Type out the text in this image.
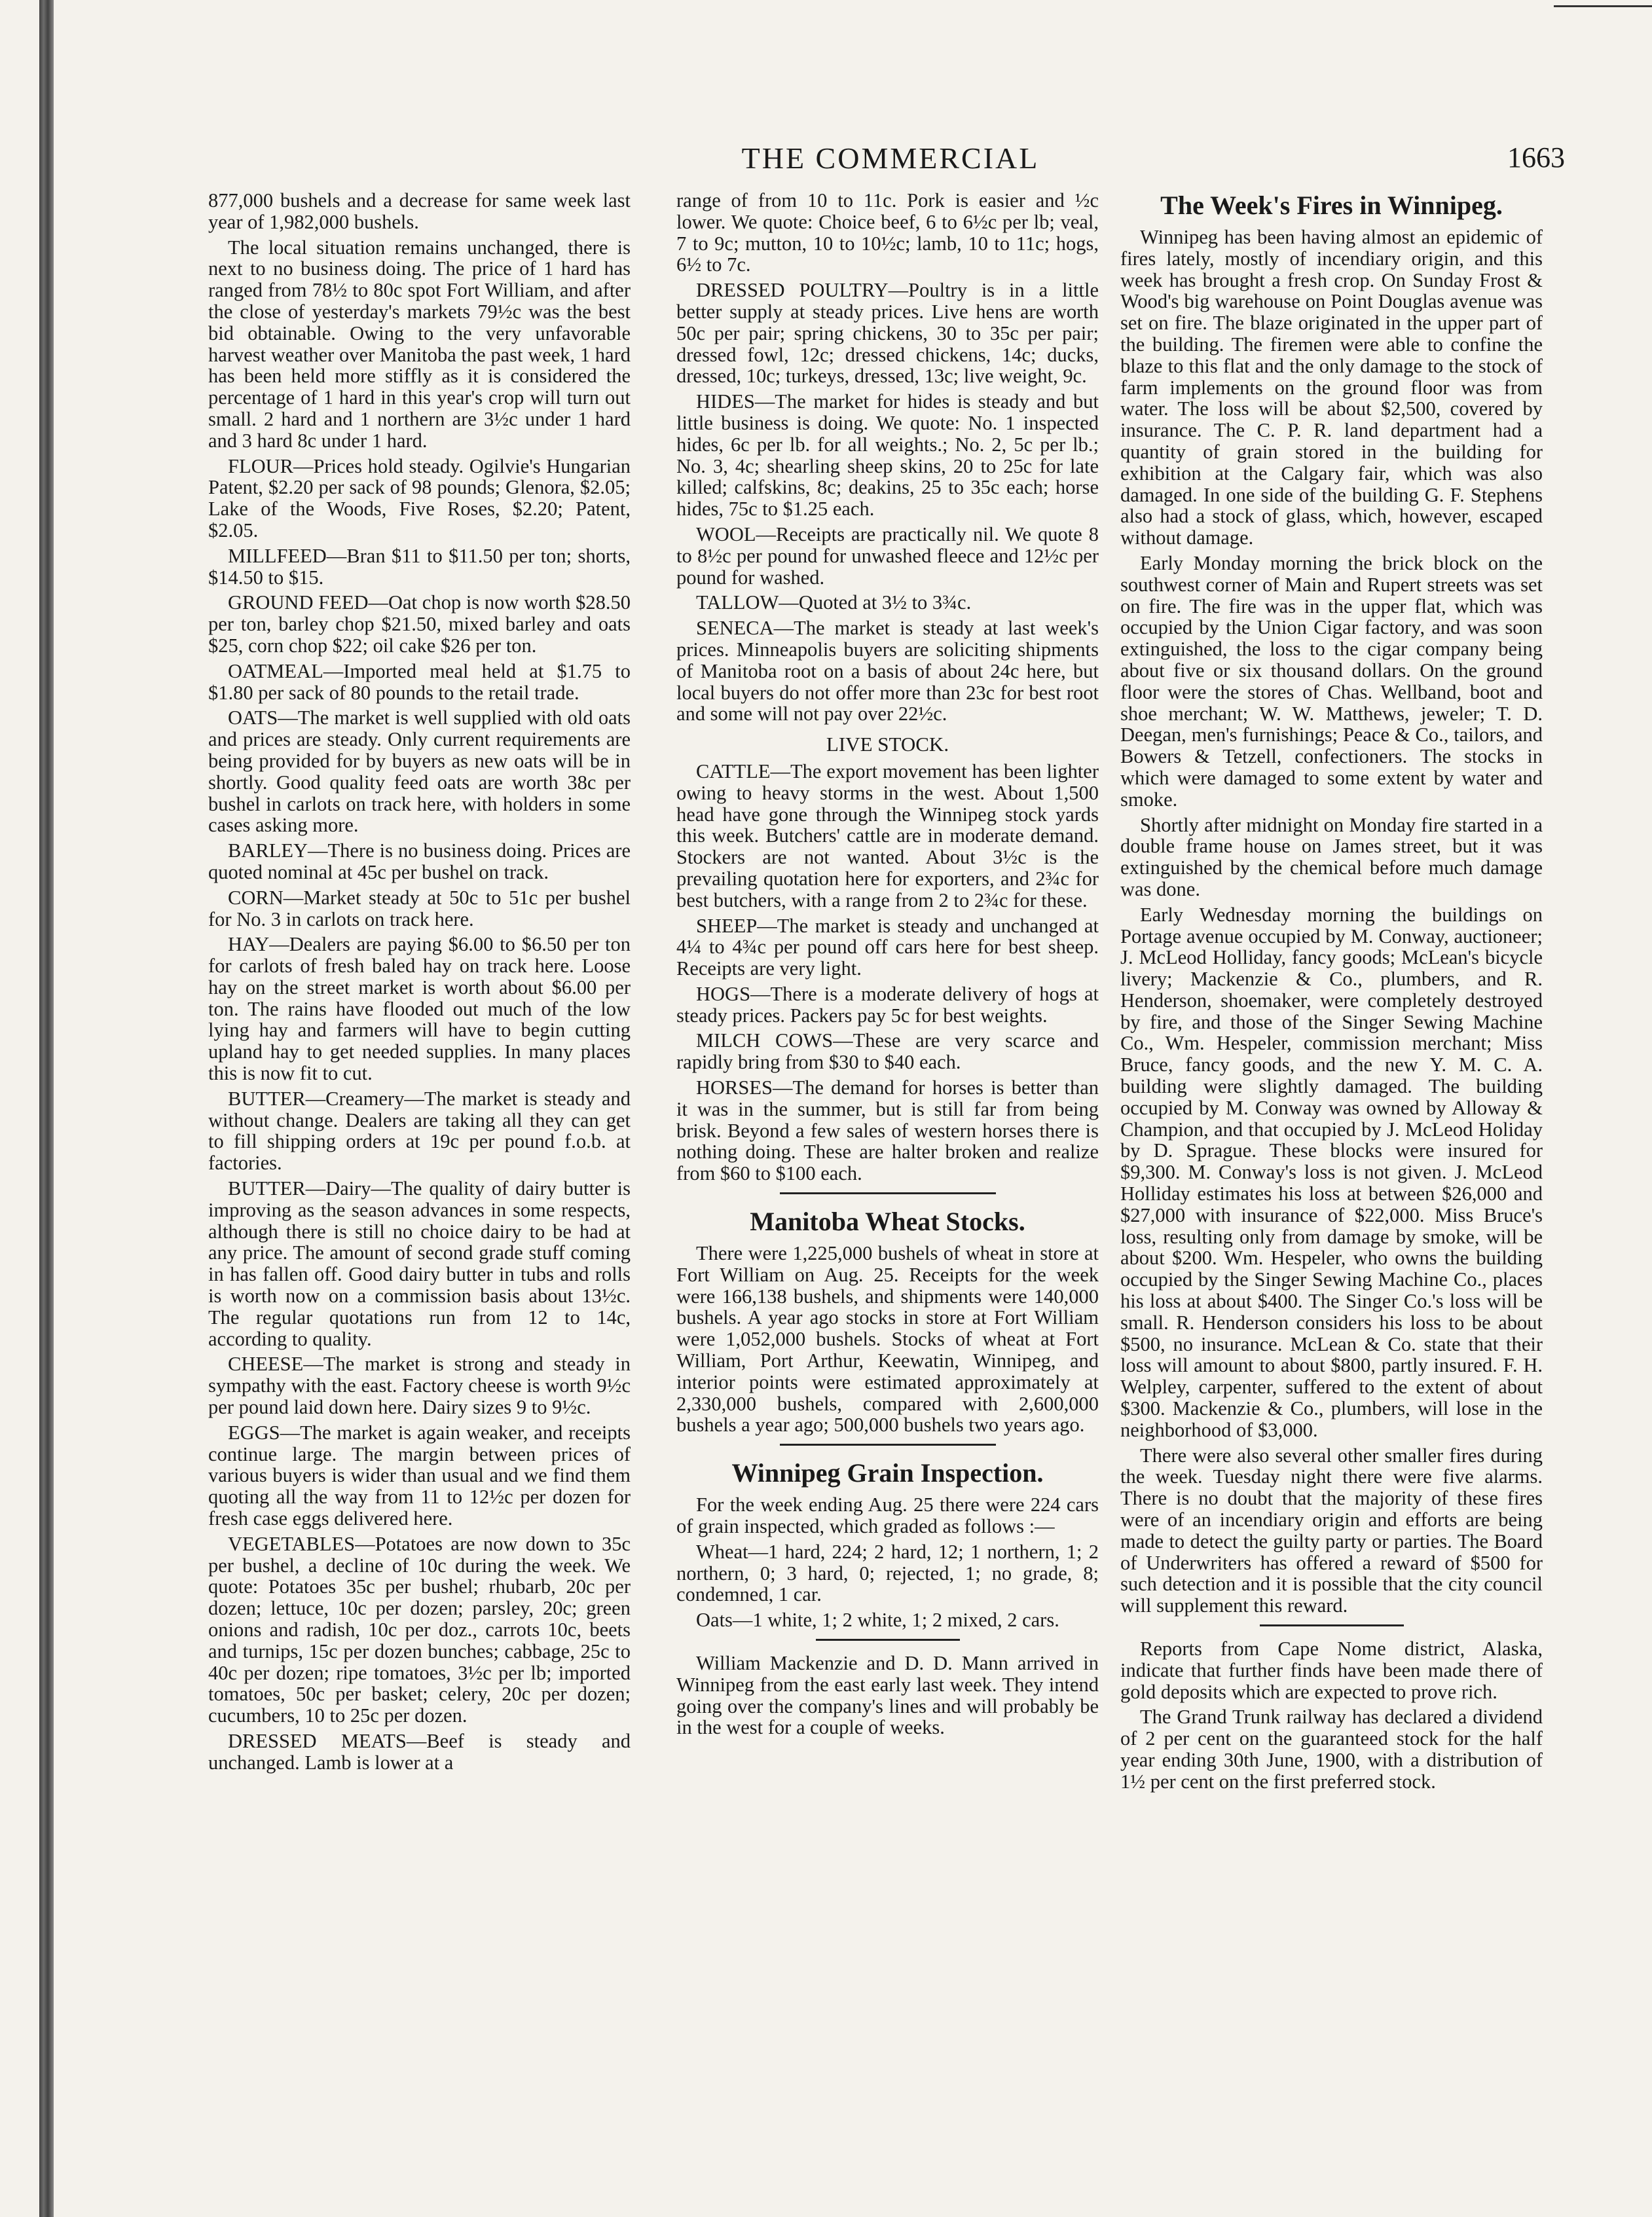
THE COMMERCIAL	1663

877,000 bushels and a decrease for same week last year of 1,982,000 bushels.

The local situation remains unchanged, there is next to no business doing. The price of 1 hard has ranged from 78½ to 80c spot Fort William, and after the close of yesterday's markets 79½c was the best bid obtainable. Owing to the very unfavorable harvest weather over Manitoba the past week, 1 hard has been held more stiffly as it is considered the percentage of 1 hard in this year's crop will turn out small. 2 hard and 1 northern are 3½c under 1 hard and 3 hard 8c under 1 hard.

FLOUR—Prices hold steady. Ogilvie's Hungarian Patent, $2.20 per sack of 98 pounds; Glenora, $2.05; Lake of the Woods, Five Roses, $2.20; Patent, $2.05.

MILLFEED—Bran $11 to $11.50 per ton; shorts, $14.50 to $15.

GROUND FEED—Oat chop is now worth $28.50 per ton, barley chop $21.50, mixed barley and oats $25, corn chop $22; oil cake $26 per ton.

OATMEAL—Imported meal held at $1.75 to $1.80 per sack of 80 pounds to the retail trade.

OATS—The market is well supplied with old oats and prices are steady. Only current requirements are being provided for by buyers as new oats will be in shortly. Good quality feed oats are worth 38c per bushel in carlots on track here, with holders in some cases asking more.

BARLEY—There is no business doing. Prices are quoted nominal at 45c per bushel on track.

CORN—Market steady at 50c to 51c per bushel for No. 3 in carlots on track here.

HAY—Dealers are paying $6.00 to $6.50 per ton for carlots of fresh baled hay on track here. Loose hay on the street market is worth about $6.00 per ton. The rains have flooded out much of the low lying hay and farmers will have to begin cutting upland hay to get needed supplies. In many places this is now fit to cut.

BUTTER—Creamery—The market is steady and without change. Dealers are taking all they can get to fill shipping orders at 19c per pound f.o.b. at factories.

BUTTER—Dairy—The quality of dairy butter is improving as the season advances in some respects, although there is still no choice dairy to be had at any price. The amount of second grade stuff coming in has fallen off. Good dairy butter in tubs and rolls is worth now on a commission basis about 13½c. The regular quotations run from 12 to 14c, according to quality.

CHEESE—The market is strong and steady in sympathy with the east. Factory cheese is worth 9½c per pound laid down here. Dairy sizes 9 to 9½c.

EGGS—The market is again weaker, and receipts continue large. The margin between prices of various buyers is wider than usual and we find them quoting all the way from 11 to 12½c per dozen for fresh case eggs delivered here.

VEGETABLES—Potatoes are now down to 35c per bushel, a decline of 10c during the week. We quote: Potatoes 35c per bushel; rhubarb, 20c per dozen; lettuce, 10c per dozen; parsley, 20c; green onions and radish, 10c per doz., carrots 10c, beets and turnips, 15c per dozen bunches; cabbage, 25c to 40c per dozen; ripe tomatoes, 3½c per lb; imported tomatoes, 50c per basket; celery, 20c per dozen; cucumbers, 10 to 25c per dozen.

DRESSED MEATS—Beef is steady and unchanged. Lamb is lower at a

range of from 10 to 11c. Pork is easier and ½c lower. We quote: Choice beef, 6 to 6½c per lb; veal, 7 to 9c; mutton, 10 to 10½c; lamb, 10 to 11c; hogs, 6½ to 7c.

DRESSED POULTRY—Poultry is in a little better supply at steady prices. Live hens are worth 50c per pair; spring chickens, 30 to 35c per pair; dressed fowl, 12c; dressed chickens, 14c; ducks, dressed, 10c; turkeys, dressed, 13c; live weight, 9c.

HIDES—The market for hides is steady and but little business is doing. We quote: No. 1 inspected hides, 6c per lb. for all weights.; No. 2, 5c per lb.; No. 3, 4c; shearling sheep skins, 20 to 25c for late killed; calfskins, 8c; deakins, 25 to 35c each; horse hides, 75c to $1.25 each.

WOOL—Receipts are practically nil. We quote 8 to 8½c per pound for unwashed fleece and 12½c per pound for washed.

TALLOW—Quoted at 3½ to 3¾c.

SENECA—The market is steady at last week's prices. Minneapolis buyers are soliciting shipments of Manitoba root on a basis of about 24c here, but local buyers do not offer more than 23c for best root and some will not pay over 22½c.

LIVE STOCK.

CATTLE—The export movement has been lighter owing to heavy storms in the west. About 1,500 head have gone through the Winnipeg stock yards this week. Butchers' cattle are in moderate demand. Stockers are not wanted. About 3½c is the prevailing quotation here for exporters, and 2¾c for best butchers, with a range from 2 to 2¾c for these.

SHEEP—The market is steady and unchanged at 4¼ to 4¾c per pound off cars here for best sheep. Receipts are very light.

HOGS—There is a moderate delivery of hogs at steady prices. Packers pay 5c for best weights.

MILCH COWS—These are very scarce and rapidly bring from $30 to $40 each.

HORSES—The demand for horses is better than it was in the summer, but is still far from being brisk. Beyond a few sales of western horses there is nothing doing. These are halter broken and realize from $60 to $100 each.

Manitoba Wheat Stocks.

There were 1,225,000 bushels of wheat in store at Fort William on Aug. 25. Receipts for the week were 166,138 bushels, and shipments were 140,000 bushels. A year ago stocks in store at Fort William were 1,052,000 bushels. Stocks of wheat at Fort William, Port Arthur, Keewatin, Winnipeg, and interior points were estimated approximately at 2,330,000 bushels, compared with 2,600,000 bushels a year ago; 500,000 bushels two years ago.

Winnipeg Grain Inspection.

For the week ending Aug. 25 there were 224 cars of grain inspected, which graded as follows :—

Wheat—1 hard, 224; 2 hard, 12; 1 northern, 1; 2 northern, 0; 3 hard, 0; rejected, 1; no grade, 8; condemned, 1 car.

Oats—1 white, 1; 2 white, 1; 2 mixed, 2 cars.

William Mackenzie and D. D. Mann arrived in Winnipeg from the east early last week. They intend going over the company's lines and will probably be in the west for a couple of weeks.

The Week's Fires in Winnipeg.

Winnipeg has been having almost an epidemic of fires lately, mostly of incendiary origin, and this week has brought a fresh crop. On Sunday Frost & Wood's big warehouse on Point Douglas avenue was set on fire. The blaze originated in the upper part of the building. The firemen were able to confine the blaze to this flat and the only damage to the stock of farm implements on the ground floor was from water. The loss will be about $2,500, covered by insurance. The C. P. R. land department had a quantity of grain stored in the building for exhibition at the Calgary fair, which was also damaged. In one side of the building G. F. Stephens also had a stock of glass, which, however, escaped without damage.

Early Monday morning the brick block on the southwest corner of Main and Rupert streets was set on fire. The fire was in the upper flat, which was occupied by the Union Cigar factory, and was soon extinguished, the loss to the cigar company being about five or six thousand dollars. On the ground floor were the stores of Chas. Wellband, boot and shoe merchant; W. W. Matthews, jeweler; T. D. Deegan, men's furnishings; Peace & Co., tailors, and Bowers & Tetzell, confectioners. The stocks in which were damaged to some extent by water and smoke.

Shortly after midnight on Monday fire started in a double frame house on James street, but it was extinguished by the chemical before much damage was done.

Early Wednesday morning the buildings on Portage avenue occupied by M. Conway, auctioneer; J. McLeod Holliday, fancy goods; McLean's bicycle livery; Mackenzie & Co., plumbers, and R. Henderson, shoemaker, were completely destroyed by fire, and those of the Singer Sewing Machine Co., Wm. Hespeler, commission merchant; Miss Bruce, fancy goods, and the new Y. M. C. A. building were slightly damaged. The building occupied by M. Conway was owned by Alloway & Champion, and that occupied by J. McLeod Holiday by D. Sprague. These blocks were insured for $9,300. M. Conway's loss is not given. J. McLeod Holliday estimates his loss at between $26,000 and $27,000 with insurance of $22,000. Miss Bruce's loss, resulting only from damage by smoke, will be about $200. Wm. Hespeler, who owns the building occupied by the Singer Sewing Machine Co., places his loss at about $400. The Singer Co.'s loss will be small. R. Henderson considers his loss to be about $500, no insurance. McLean & Co. state that their loss will amount to about $800, partly insured. F. H. Welpley, carpenter, suffered to the extent of about $300. Mackenzie & Co., plumbers, will lose in the neighborhood of $3,000.

There were also several other smaller fires during the week. Tuesday night there were five alarms. There is no doubt that the majority of these fires were of an incendiary origin and efforts are being made to detect the guilty party or parties. The Board of Underwriters has offered a reward of $500 for such detection and it is possible that the city council will supplement this reward.

Reports from Cape Nome district, Alaska, indicate that further finds have been made there of gold deposits which are expected to prove rich.

The Grand Trunk railway has declared a dividend of 2 per cent on the guaranteed stock for the half year ending 30th June, 1900, with a distribution of 1½ per cent on the first preferred stock.
